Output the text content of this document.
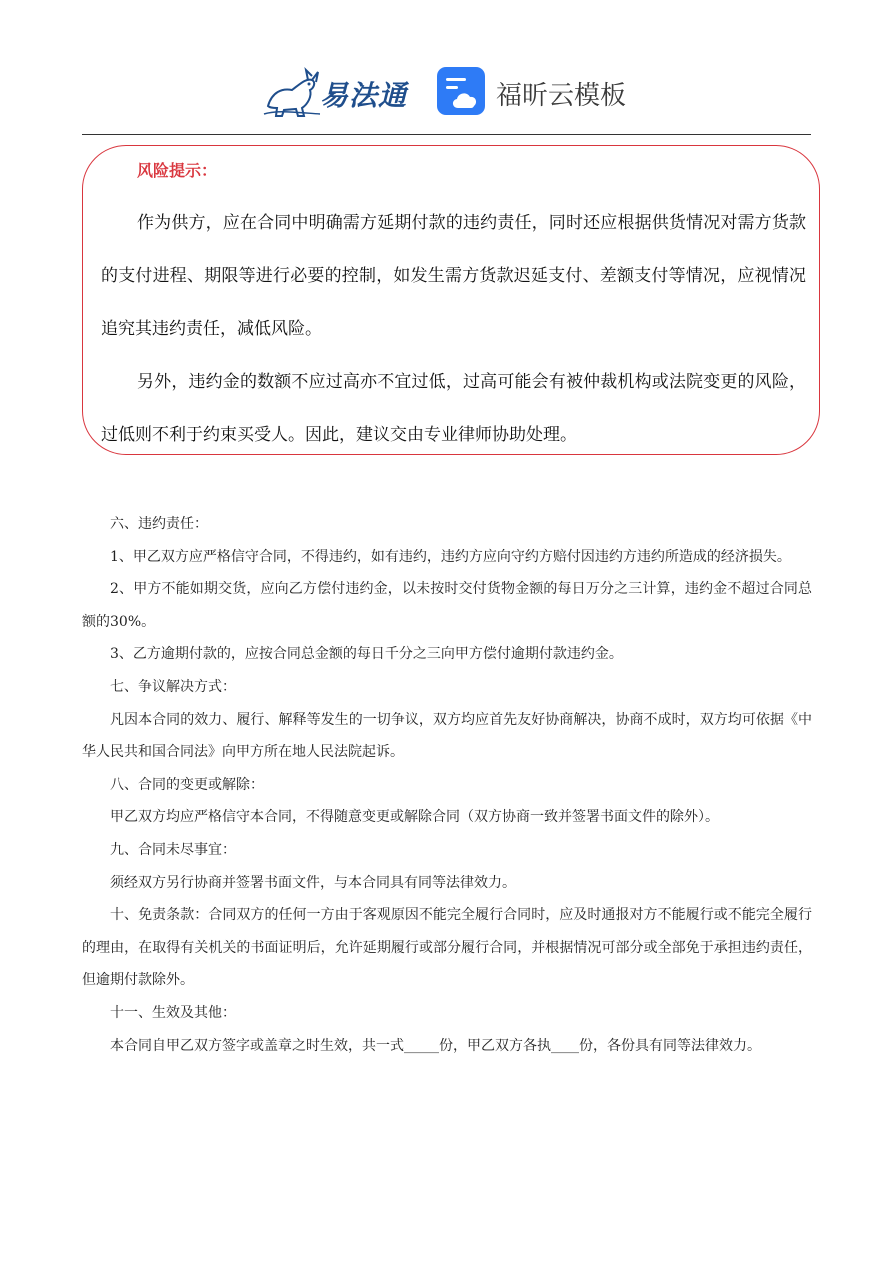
易法通	福昕云模板
风险提示：
作为供方，应在合同中明确需方延期付款的违约责任，同时还应根据供货情况对需方货款的支付进程、期限等进行必要的控制，如发生需方货款迟延支付、差额支付等情况，应视情况追究其违约责任，减低风险。
另外，违约金的数额不应过高亦不宜过低，过高可能会有被仲裁机构或法院变更的风险，过低则不利于约束买受人。因此，建议交由专业律师协助处理。

六、违约责任：

1、甲乙双方应严格信守合同，不得违约，如有违约，违约方应向守约方赔付因违约方违约所造成的经济损失。

2、甲方不能如期交货，应向乙方偿付违约金，以未按时交付货物金额的每日万分之三计算，违约金不超过合同总额的30%。

3、乙方逾期付款的，应按合同总金额的每日千分之三向甲方偿付逾期付款违约金。

七、争议解决方式：

凡因本合同的效力、履行、解释等发生的一切争议，双方均应首先友好协商解决，协商不成时，双方均可依据《中华人民共和国合同法》向甲方所在地人民法院起诉。

八、合同的变更或解除：

甲乙双方均应严格信守本合同，不得随意变更或解除合同（双方协商一致并签署书面文件的除外）。

九、合同未尽事宜：

须经双方另行协商并签署书面文件，与本合同具有同等法律效力。

十、免责条款：合同双方的任何一方由于客观原因不能完全履行合同时，应及时通报对方不能履行或不能完全履行的理由，在取得有关机关的书面证明后，允许延期履行或部分履行合同，并根据情况可部分或全部免于承担违约责任，但逾期付款除外。

十一、生效及其他：

本合同自甲乙双方签字或盖章之时生效，共一式_____份，甲乙双方各执____份，各份具有同等法律效力。
